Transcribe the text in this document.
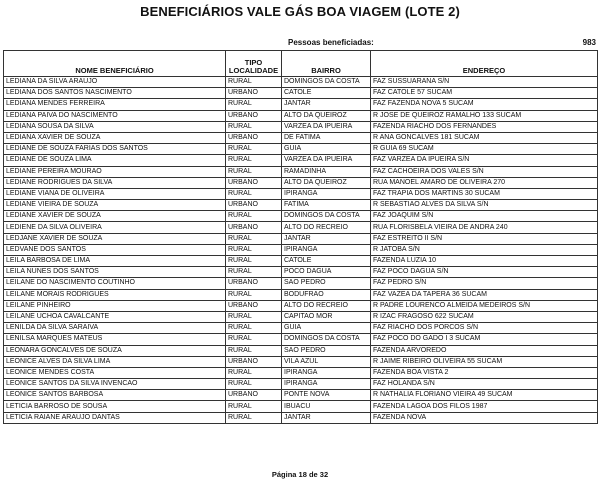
BENEFICIÁRIOS VALE GÁS BOA VIAGEM (LOTE 2)
Pessoas beneficiadas:	983
NOME BENEFICIÁRIO	TIPO LOCALIDADE	BAIRRO	ENDEREÇO
LEDIANA DA SILVA ARAUJO	RURAL	DOMINGOS DA COSTA	FAZ SUSSUARANA S/N
LEDIANA DOS SANTOS NASCIMENTO	URBANO	CATOLE	FAZ CATOLE 57 SUCAM
LEDIANA MENDES FERREIRA	RURAL	JANTAR	FAZ FAZENDA NOVA 5 SUCAM
LEDIANA PAIVA DO NASCIMENTO	URBANO	ALTO DA QUEIROZ	R JOSE DE QUEIROZ RAMALHO 133 SUCAM
LEDIANA SOUSA DA SILVA	RURAL	VARZEA DA IPUEIRA	FAZENDA RIACHO DOS FERNANDES
LEDIANA XAVIER DE SOUZA	URBANO	DE FATIMA	R ANA GONCALVES 181 SUCAM
LEDIANE DE SOUZA FARIAS DOS SANTOS	RURAL	GUIA	R GUIA 69 SUCAM
LEDIANE DE SOUZA LIMA	RURAL	VARZEA DA IPUEIRA	FAZ VARZEA DA IPUEIRA S/N
LEDIANE PEREIRA MOURAO	RURAL	RAMADINHA	FAZ CACHOEIRA DOS VALES S/N
LEDIANE RODRIGUES DA SILVA	URBANO	ALTO DA QUEIROZ	RUA MANOEL AMARO DE OLIVEIRA 270
LEDIANE VIANA DE OLIVEIRA	RURAL	IPIRANGA	FAZ TRAPIA DOS MARTINS 30 SUCAM
LEDIANE VIEIRA DE SOUZA	URBANO	FATIMA	R SEBASTIAO ALVES DA SILVA S/N
LEDIANE XAVIER DE SOUZA	RURAL	DOMINGOS DA COSTA	FAZ JOAQUIM S/N
LEDIENE DA SILVA OLIVEIRA	URBANO	ALTO DO RECREIO	RUA FLORISBELA VIEIRA DE ANDRA 240
LEDJANE XAVIER DE SOUZA	RURAL	JANTAR	FAZ ESTREITO II S/N
LEDVANE DOS SANTOS	RURAL	IPIRANGA	R JATOBA S/N
LEILA BARBOSA DE LIMA	RURAL	CATOLE	FAZENDA LUZIA 10
LEILA NUNES DOS SANTOS	RURAL	POCO DAGUA	FAZ POCO DAGUA S/N
LEILANE DO NASCIMENTO COUTINHO	URBANO	SAO PEDRO	FAZ PEDRO S/N
LEILANE MORAIS RODRIGUES	RURAL	BODUFRAO	FAZ VAZEA DA TAPERA 36 SUCAM
LEILANE PINHEIRO	URBANO	ALTO DO RECREIO	R PADRE LOURENCO ALMEIDA MEDEIROS S/N
LEILANE UCHOA CAVALCANTE	RURAL	CAPITAO MOR	R IZAC FRAGOSO 622 SUCAM
LENILDA DA SILVA SARAIVA	RURAL	GUIA	FAZ RIACHO DOS PORCOS S/N
LENILSA MARQUES MATEUS	RURAL	DOMINGOS DA COSTA	FAZ POCO DO GADO I 3 SUCAM
LEONARA GONCALVES DE SOUZA	RURAL	SAO PEDRO	FAZENDA ARVOREDO
LEONICE ALVES DA SILVA LIMA	URBANO	VILA AZUL	R JAIME RIBEIRO OLIVEIRA 55 SUCAM
LEONICE MENDES COSTA	RURAL	IPIRANGA	FAZENDA BOA VISTA 2
LEONICE SANTOS DA SILVA INVENCAO	RURAL	IPIRANGA	FAZ HOLANDA S/N
LEONICE SANTOS BARBOSA	URBANO	PONTE NOVA	R NATHALIA FLORIANO VIEIRA 49 SUCAM
LETICIA BARROSO DE SOUSA	RURAL	IBUACU	FAZENDA LAGOA DOS FILOS 1987
LETICIA RAIANE ARAUJO DANTAS	RURAL	JANTAR	FAZENDA NOVA
Página 18 de 32
